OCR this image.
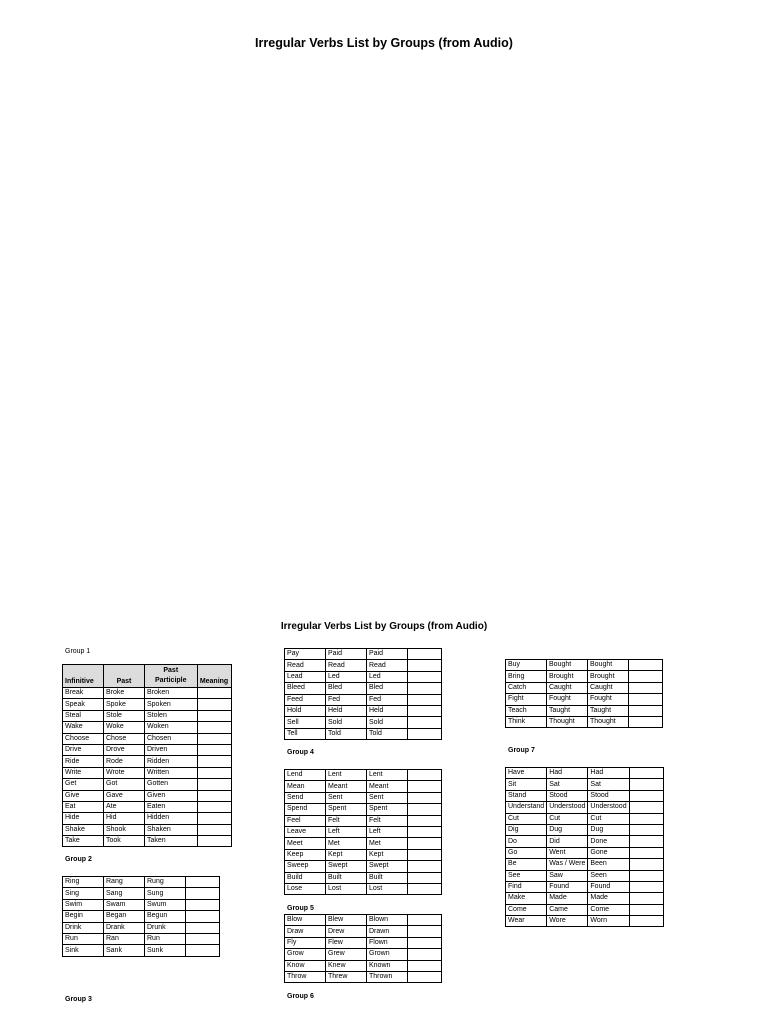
Irregular Verbs List by Groups (from Audio)
Irregular Verbs List by Groups (from Audio)
Group 1
Group 2
Group 3
Group 4
Group 5
Group 6
Group 7
Infinitive	Past	Past Participle	Meaning
Break	Broke	Broken	
Speak	Spoke	Spoken	
Steal	Stole	Stolen	
Wake	Woke	Woken	
Choose	Chose	Chosen	
Drive	Drove	Driven	
Ride	Rode	Ridden	
Write	Wrote	Written	
Get	Got	Gotten	
Give	Gave	Given	
Eat	Ate	Eaten	
Hide	Hid	Hidden	
Shake	Shook	Shaken	
Take	Took	Taken	
Ring	Rang	Rung	
Sing	Sang	Sung	
Swim	Swam	Swum	
Begin	Began	Begun	
Drink	Drank	Drunk	
Run	Ran	Run	
Sink	Sank	Sunk	
Pay	Paid	Paid	
Read	Read	Read	
Lead	Led	Led	
Bleed	Bled	Bled	
Feed	Fed	Fed	
Hold	Held	Held	
Sell	Sold	Sold	
Tell	Told	Told	
Lend	Lent	Lent	
Mean	Meant	Meant	
Send	Sent	Sent	
Spend	Spent	Spent	
Feel	Felt	Felt	
Leave	Left	Left	
Meet	Met	Met	
Keep	Kept	Kept	
Sweep	Swept	Swept	
Build	Built	Built	
Lose	Lost	Lost	
Blow	Blew	Blown	
Draw	Drew	Drawn	
Fly	Flew	Flown	
Grow	Grew	Grown	
Know	Knew	Known	
Throw	Threw	Thrown	
Buy	Bought	Bought	
Bring	Brought	Brought	
Catch	Caught	Caught	
Fight	Fought	Fought	
Teach	Taught	Taught	
Think	Thought	Thought	
Have	Had	Had	
Sit	Sat	Sat	
Stand	Stood	Stood	
Understand	Understood	Understood	
Cut	Cut	Cut	
Dig	Dug	Dug	
Do	Did	Done	
Go	Went	Gone	
Be	Was / Were	Been	
See	Saw	Seen	
Find	Found	Found	
Make	Made	Made	
Come	Came	Come	
Wear	Wore	Worn	
